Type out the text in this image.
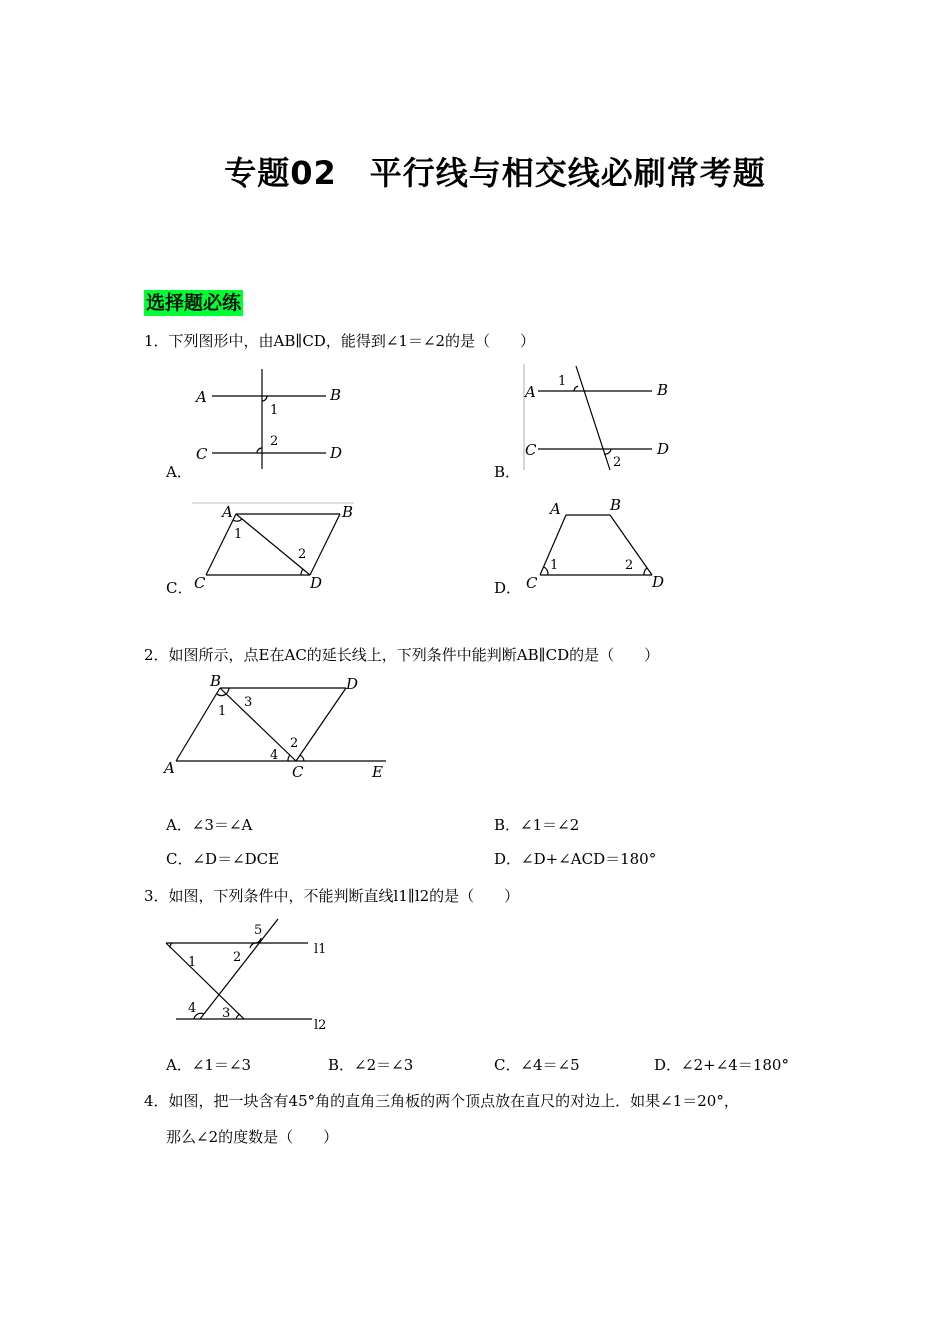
专题02　平行线与相交线必刷常考题
选择题必练
1．下列图形中，由AB∥CD，能得到∠1＝∠2的是（　　）
A	B
C	D
1
2
A．
A	B
C	D
1
2
B．
A	B
C	D
1
2
C．
A	B
C	D
1	2
D．
2．如图所示，点E在AC的延长线上，下列条件中能判断AB∥CD的是（　　）
B	D
A	C	E
1
3
4
2
A．∠3＝∠A	B．∠1＝∠2
C．∠D＝∠DCE	D．∠D+∠ACD＝180°
3．如图，下列条件中，不能判断直线l1∥l2的是（　　）
1	2
5
4 3
l1
l2
A．∠1＝∠3	B．∠2＝∠3	C．∠4＝∠5	D．∠2+∠4＝180°
4．如图，把一块含有45°角的直角三角板的两个顶点放在直尺的对边上．如果∠1＝20°，
那么∠2的度数是（　　）
